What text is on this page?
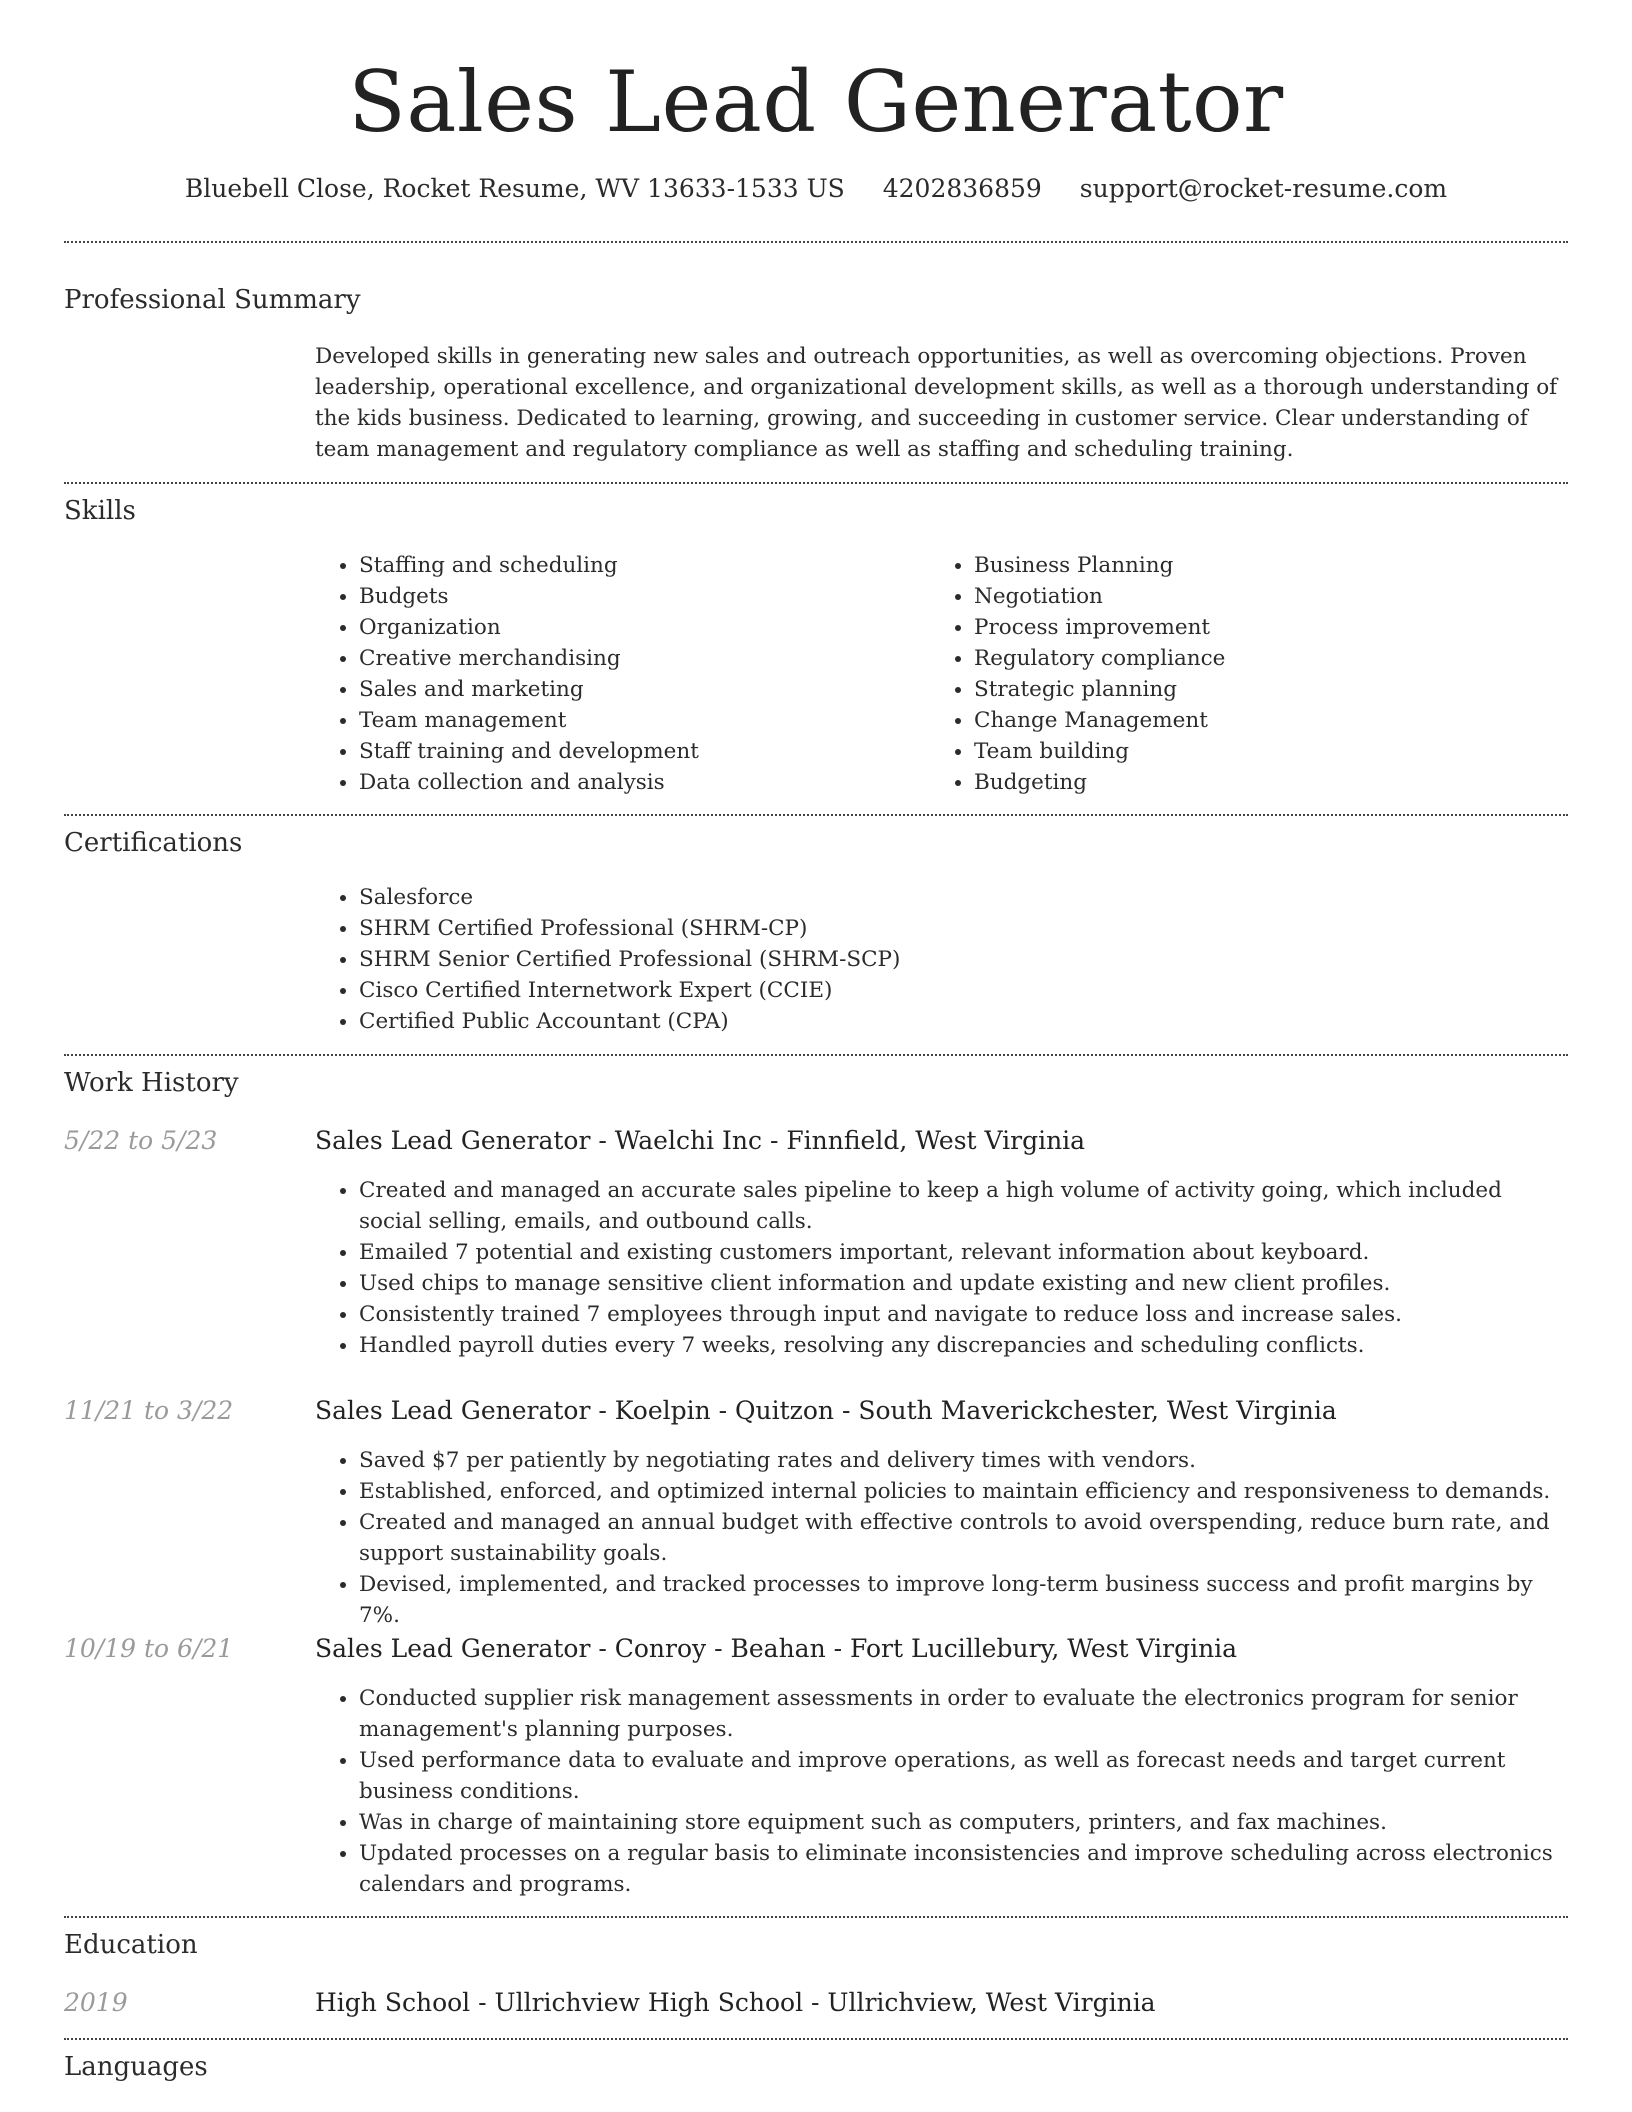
Sales Lead Generator
Bluebell Close, Rocket Resume, WV 13633-1533 US 4202836859 support@rocket-resume.com
Professional Summary

Developed skills in generating new sales and outreach opportunities, as well as overcoming objections. Proven leadership, operational excellence, and organizational development skills, as well as a thorough understanding of the kids business. Dedicated to learning, growing, and succeeding in customer service. Clear understanding of team management and regulatory compliance as well as staffing and scheduling training.

Skills
• Staffing and scheduling
• Budgets
• Organization
• Creative merchandising
• Sales and marketing
• Team management
• Staff training and development
• Data collection and analysis
• Business Planning
• Negotiation
• Process improvement
• Regulatory compliance
• Strategic planning
• Change Management
• Team building
• Budgeting
Certifications
• Salesforce
• SHRM Certified Professional (SHRM-CP)
• SHRM Senior Certified Professional (SHRM-SCP)
• Cisco Certified Internetwork Expert (CCIE)
• Certified Public Accountant (CPA)
Work History
5/22 to 5/23	Sales Lead Generator - Waelchi Inc - Finnfield, West Virginia
• Created and managed an accurate sales pipeline to keep a high volume of activity going, which included social selling, emails, and outbound calls.
• Emailed 7 potential and existing customers important, relevant information about keyboard.
• Used chips to manage sensitive client information and update existing and new client profiles.
• Consistently trained 7 employees through input and navigate to reduce loss and increase sales.
• Handled payroll duties every 7 weeks, resolving any discrepancies and scheduling conflicts.
11/21 to 3/22	Sales Lead Generator - Koelpin - Quitzon - South Maverickchester, West Virginia
• Saved $7 per patiently by negotiating rates and delivery times with vendors.
• Established, enforced, and optimized internal policies to maintain efficiency and responsiveness to demands.
• Created and managed an annual budget with effective controls to avoid overspending, reduce burn rate, and support sustainability goals.
• Devised, implemented, and tracked processes to improve long-term business success and profit margins by 7%.
10/19 to 6/21	Sales Lead Generator - Conroy - Beahan - Fort Lucillebury, West Virginia
• Conducted supplier risk management assessments in order to evaluate the electronics program for senior management's planning purposes.
• Used performance data to evaluate and improve operations, as well as forecast needs and target current business conditions.
• Was in charge of maintaining store equipment such as computers, printers, and fax machines.
• Updated processes on a regular basis to eliminate inconsistencies and improve scheduling across electronics calendars and programs.
Education
2019	High School - Ullrichview High School - Ullrichview, West Virginia
Languages
